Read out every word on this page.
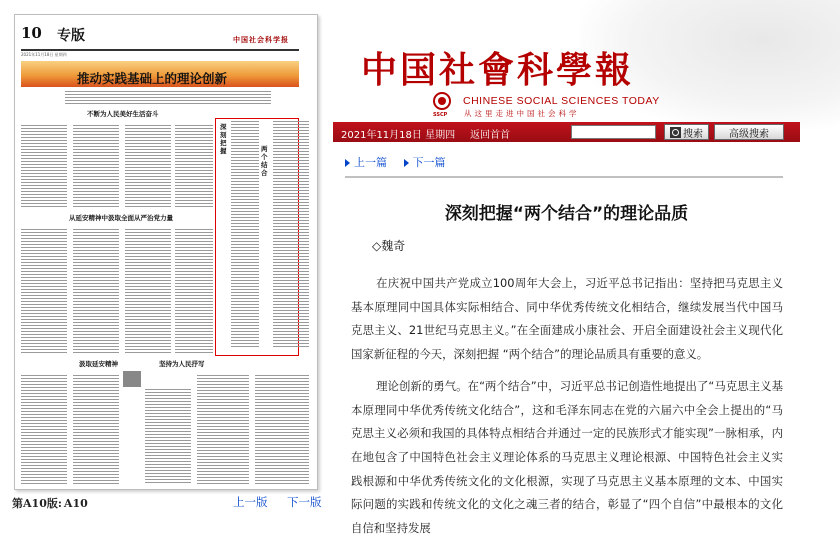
10 专版	中国社会科学报
2021年11月18日 星期四
推动实践基础上的理论创新
不断为人民美好生活奋斗
从延安精神中汲取全面从严治党力量
深刻把握	两个结合
汲取延安精神	坚持为人民抒写
第A10版: A10	上一版 下一版
中国社會科學報
SSCP
CHINESE SOCIAL SCIENCES TODAY
从这里走进中国社会科学
2021年11月18日 星期四 返回首首	搜索	高级搜索
上一篇 下一篇
深刻把握“两个结合”的理论品质
◇魏奇

在庆祝中国共产党成立100周年大会上，习近平总书记指出：坚持把马克思主义基本原理同中国具体实际相结合、同中华优秀传统文化相结合，继续发展当代中国马克思主义、21世纪马克思主义。”在全面建成小康社会、开启全面建设社会主义现代化国家新征程的今天，深刻把握 “两个结合”的理论品质具有重要的意义。

理论创新的勇气。在“两个结合”中，习近平总书记创造性地提出了“马克思主义基本原理同中华优秀传统文化结合”，这和毛泽东同志在党的六届六中全会上提出的“马克思主义必须和我国的具体特点相结合并通过一定的民族形式才能实现”一脉相承，内在地包含了中国特色社会主义理论体系的马克思主义理论根源、中国特色社会主义实践根源和中华优秀传统文化的文化根源，实现了马克思主义基本原理的文本、中国实际问题的实践和传统文化的文化之魂三者的结合，彰显了“四个自信”中最根本的文化自信和坚持发展
